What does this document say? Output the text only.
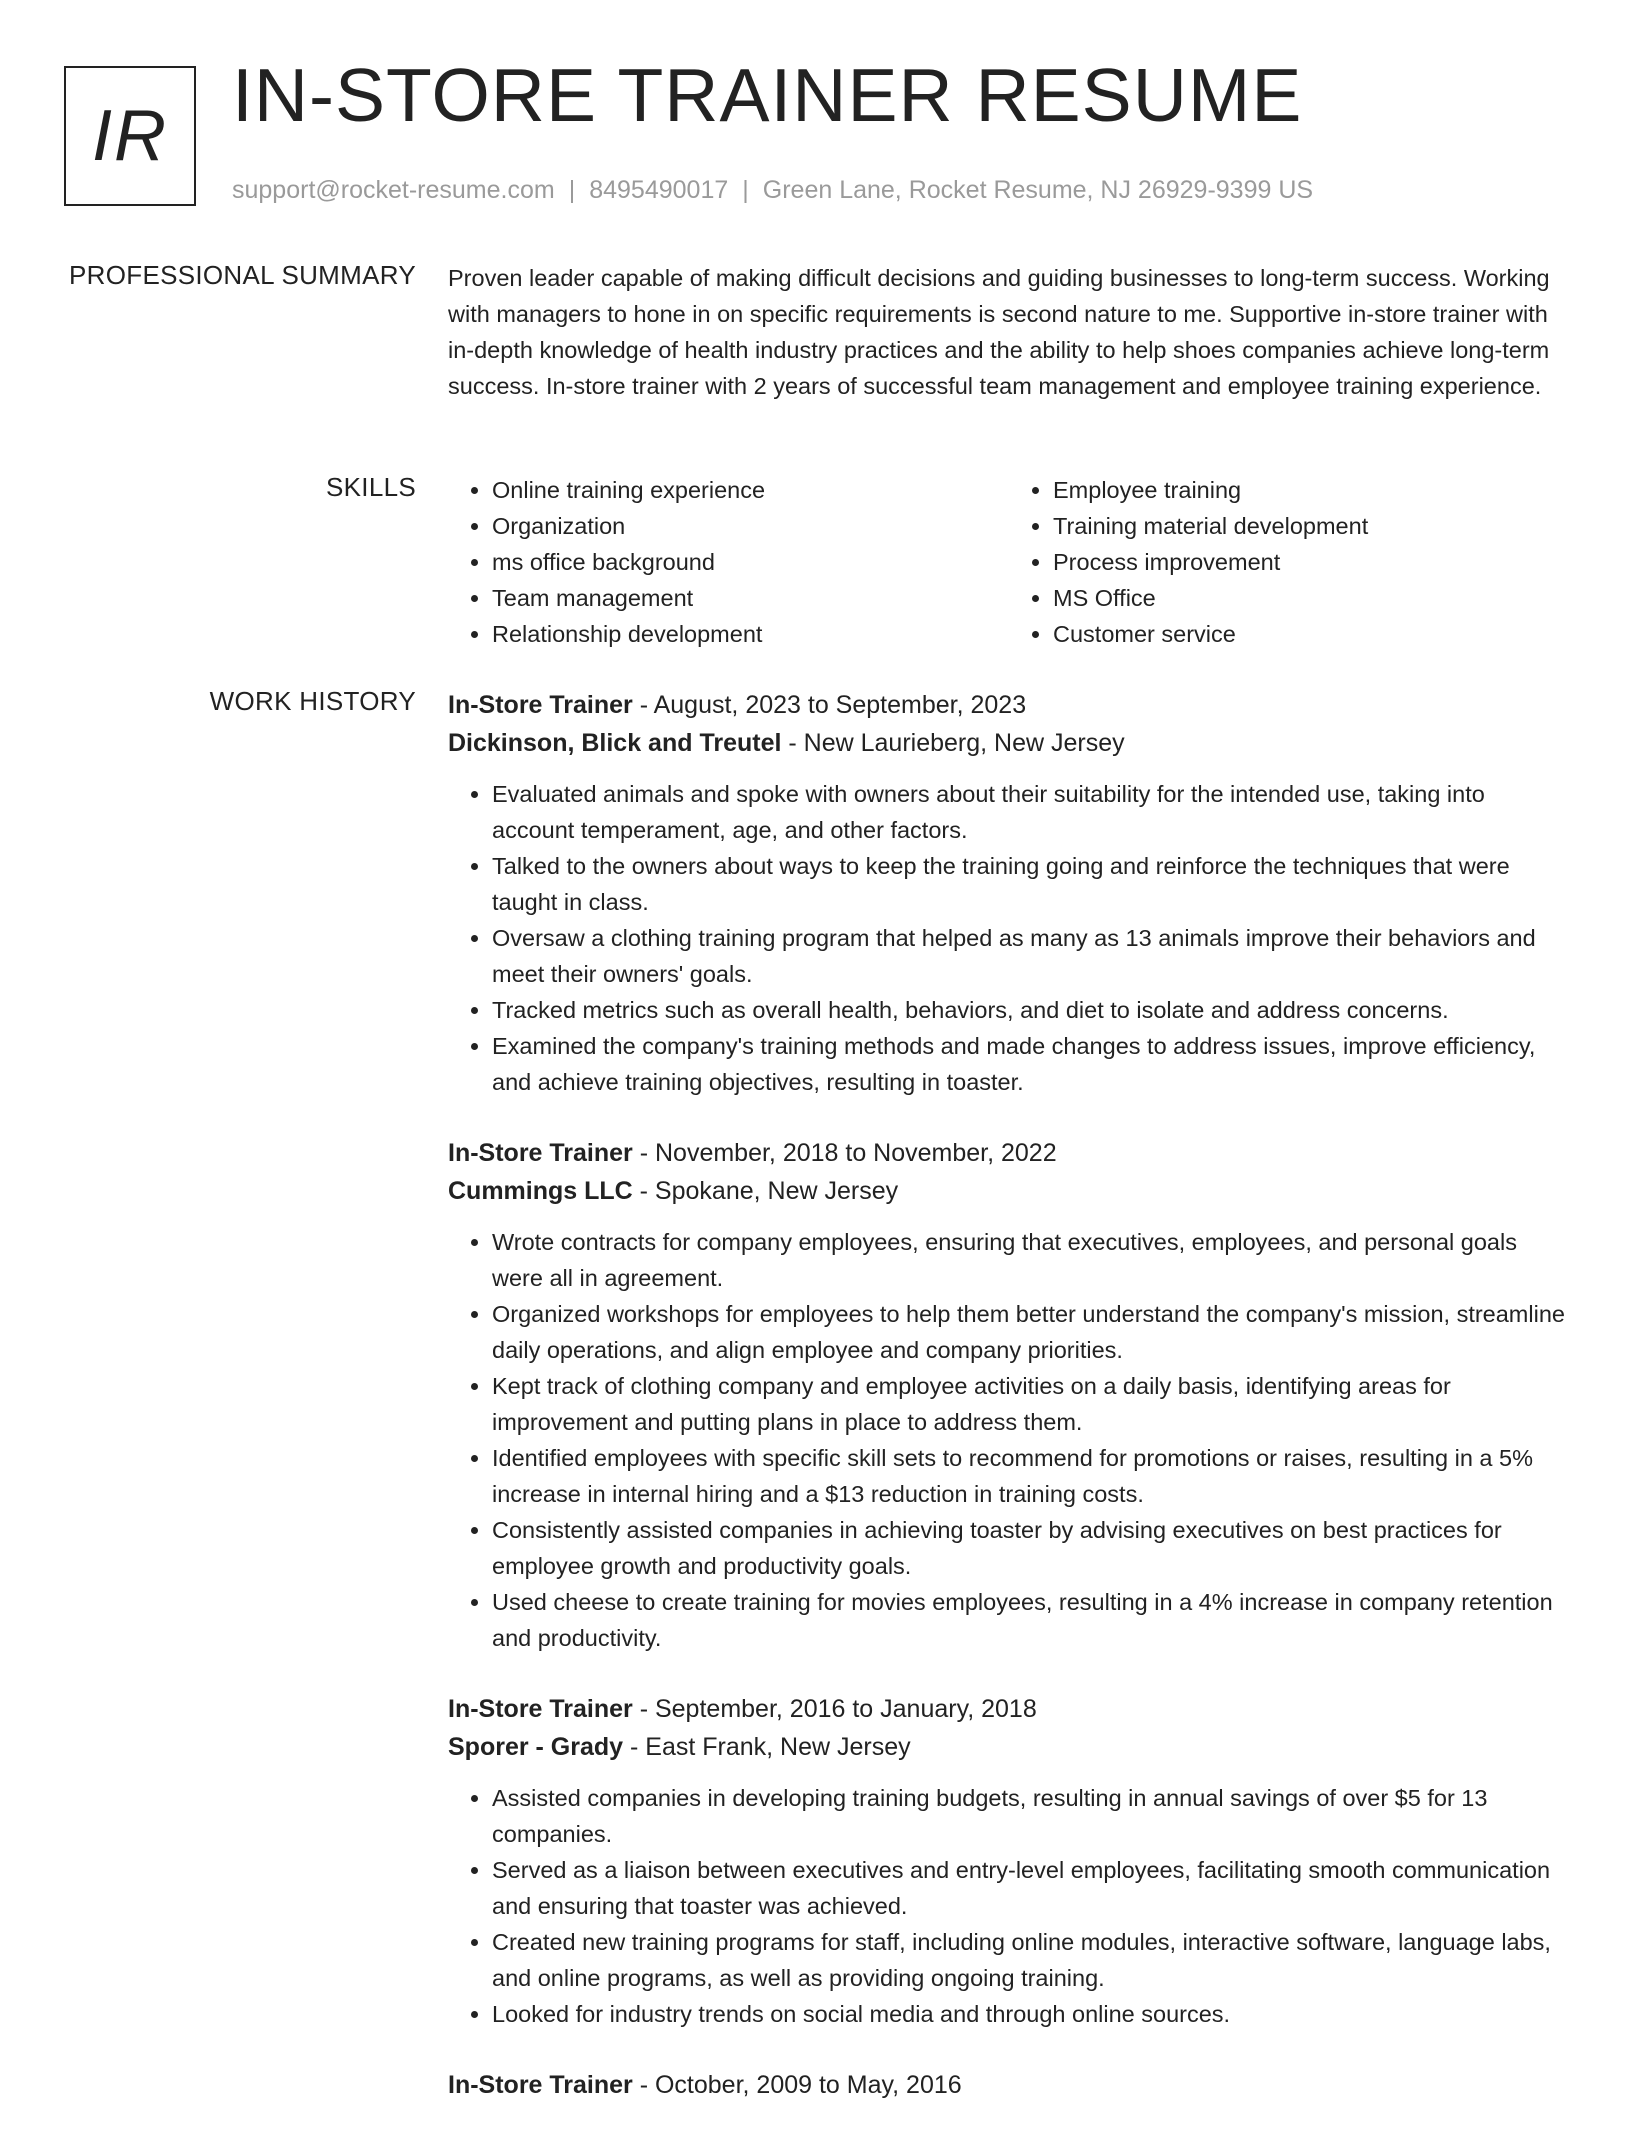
IR IN-STORE TRAINER RESUME
support@rocket-resume.com | 8495490017 | Green Lane, Rocket Resume, NJ 26929-9399 US
PROFESSIONAL SUMMARY Proven leader capable of making difficult decisions and guiding businesses to long-term success. Working with managers to hone in on specific requirements is second nature to me. Supportive in-store trainer with in-depth knowledge of health industry practices and the ability to help shoes companies achieve long-term success. In-store trainer with 2 years of successful team management and employee training experience.

SKILLS
•	Online training experience
• Organization
• ms office background
• Team management
• Relationship development
• Employee training
• Training material development
• Process improvement
• MS Office
• Customer service
WORK HISTORY In-Store Trainer - August, 2023 to September, 2023

Dickinson, Blick and Treutel - New Laurieberg, New Jersey

• Evaluated animals and spoke with owners about their suitability for the intended use, taking into account temperament, age, and other factors.
• Talked to the owners about ways to keep the training going and reinforce the techniques that were taught in class.
• Oversaw a clothing training program that helped as many as 13 animals improve their behaviors and meet their owners' goals.
• Tracked metrics such as overall health, behaviors, and diet to isolate and address concerns.
• Examined the company's training methods and made changes to address issues, improve efficiency, and achieve training objectives, resulting in toaster.

In-Store Trainer - November, 2018 to November, 2022

Cummings LLC - Spokane, New Jersey

• Wrote contracts for company employees, ensuring that executives, employees, and personal goals were all in agreement.
• Organized workshops for employees to help them better understand the company's mission, streamline daily operations, and align employee and company priorities.
• Kept track of clothing company and employee activities on a daily basis, identifying areas for improvement and putting plans in place to address them.
• Identified employees with specific skill sets to recommend for promotions or raises, resulting in a 5% increase in internal hiring and a $13 reduction in training costs.
• Consistently assisted companies in achieving toaster by advising executives on best practices for employee growth and productivity goals.
• Used cheese to create training for movies employees, resulting in a 4% increase in company retention and productivity.

In-Store Trainer - September, 2016 to January, 2018

Sporer - Grady - East Frank, New Jersey

• Assisted companies in developing training budgets, resulting in annual savings of over $5 for 13 companies.
• Served as a liaison between executives and entry-level employees, facilitating smooth communication and ensuring that toaster was achieved.
• Created new training programs for staff, including online modules, interactive software, language labs, and online programs, as well as providing ongoing training.
• Looked for industry trends on social media and through online sources.

In-Store Trainer - October, 2009 to May, 2016
